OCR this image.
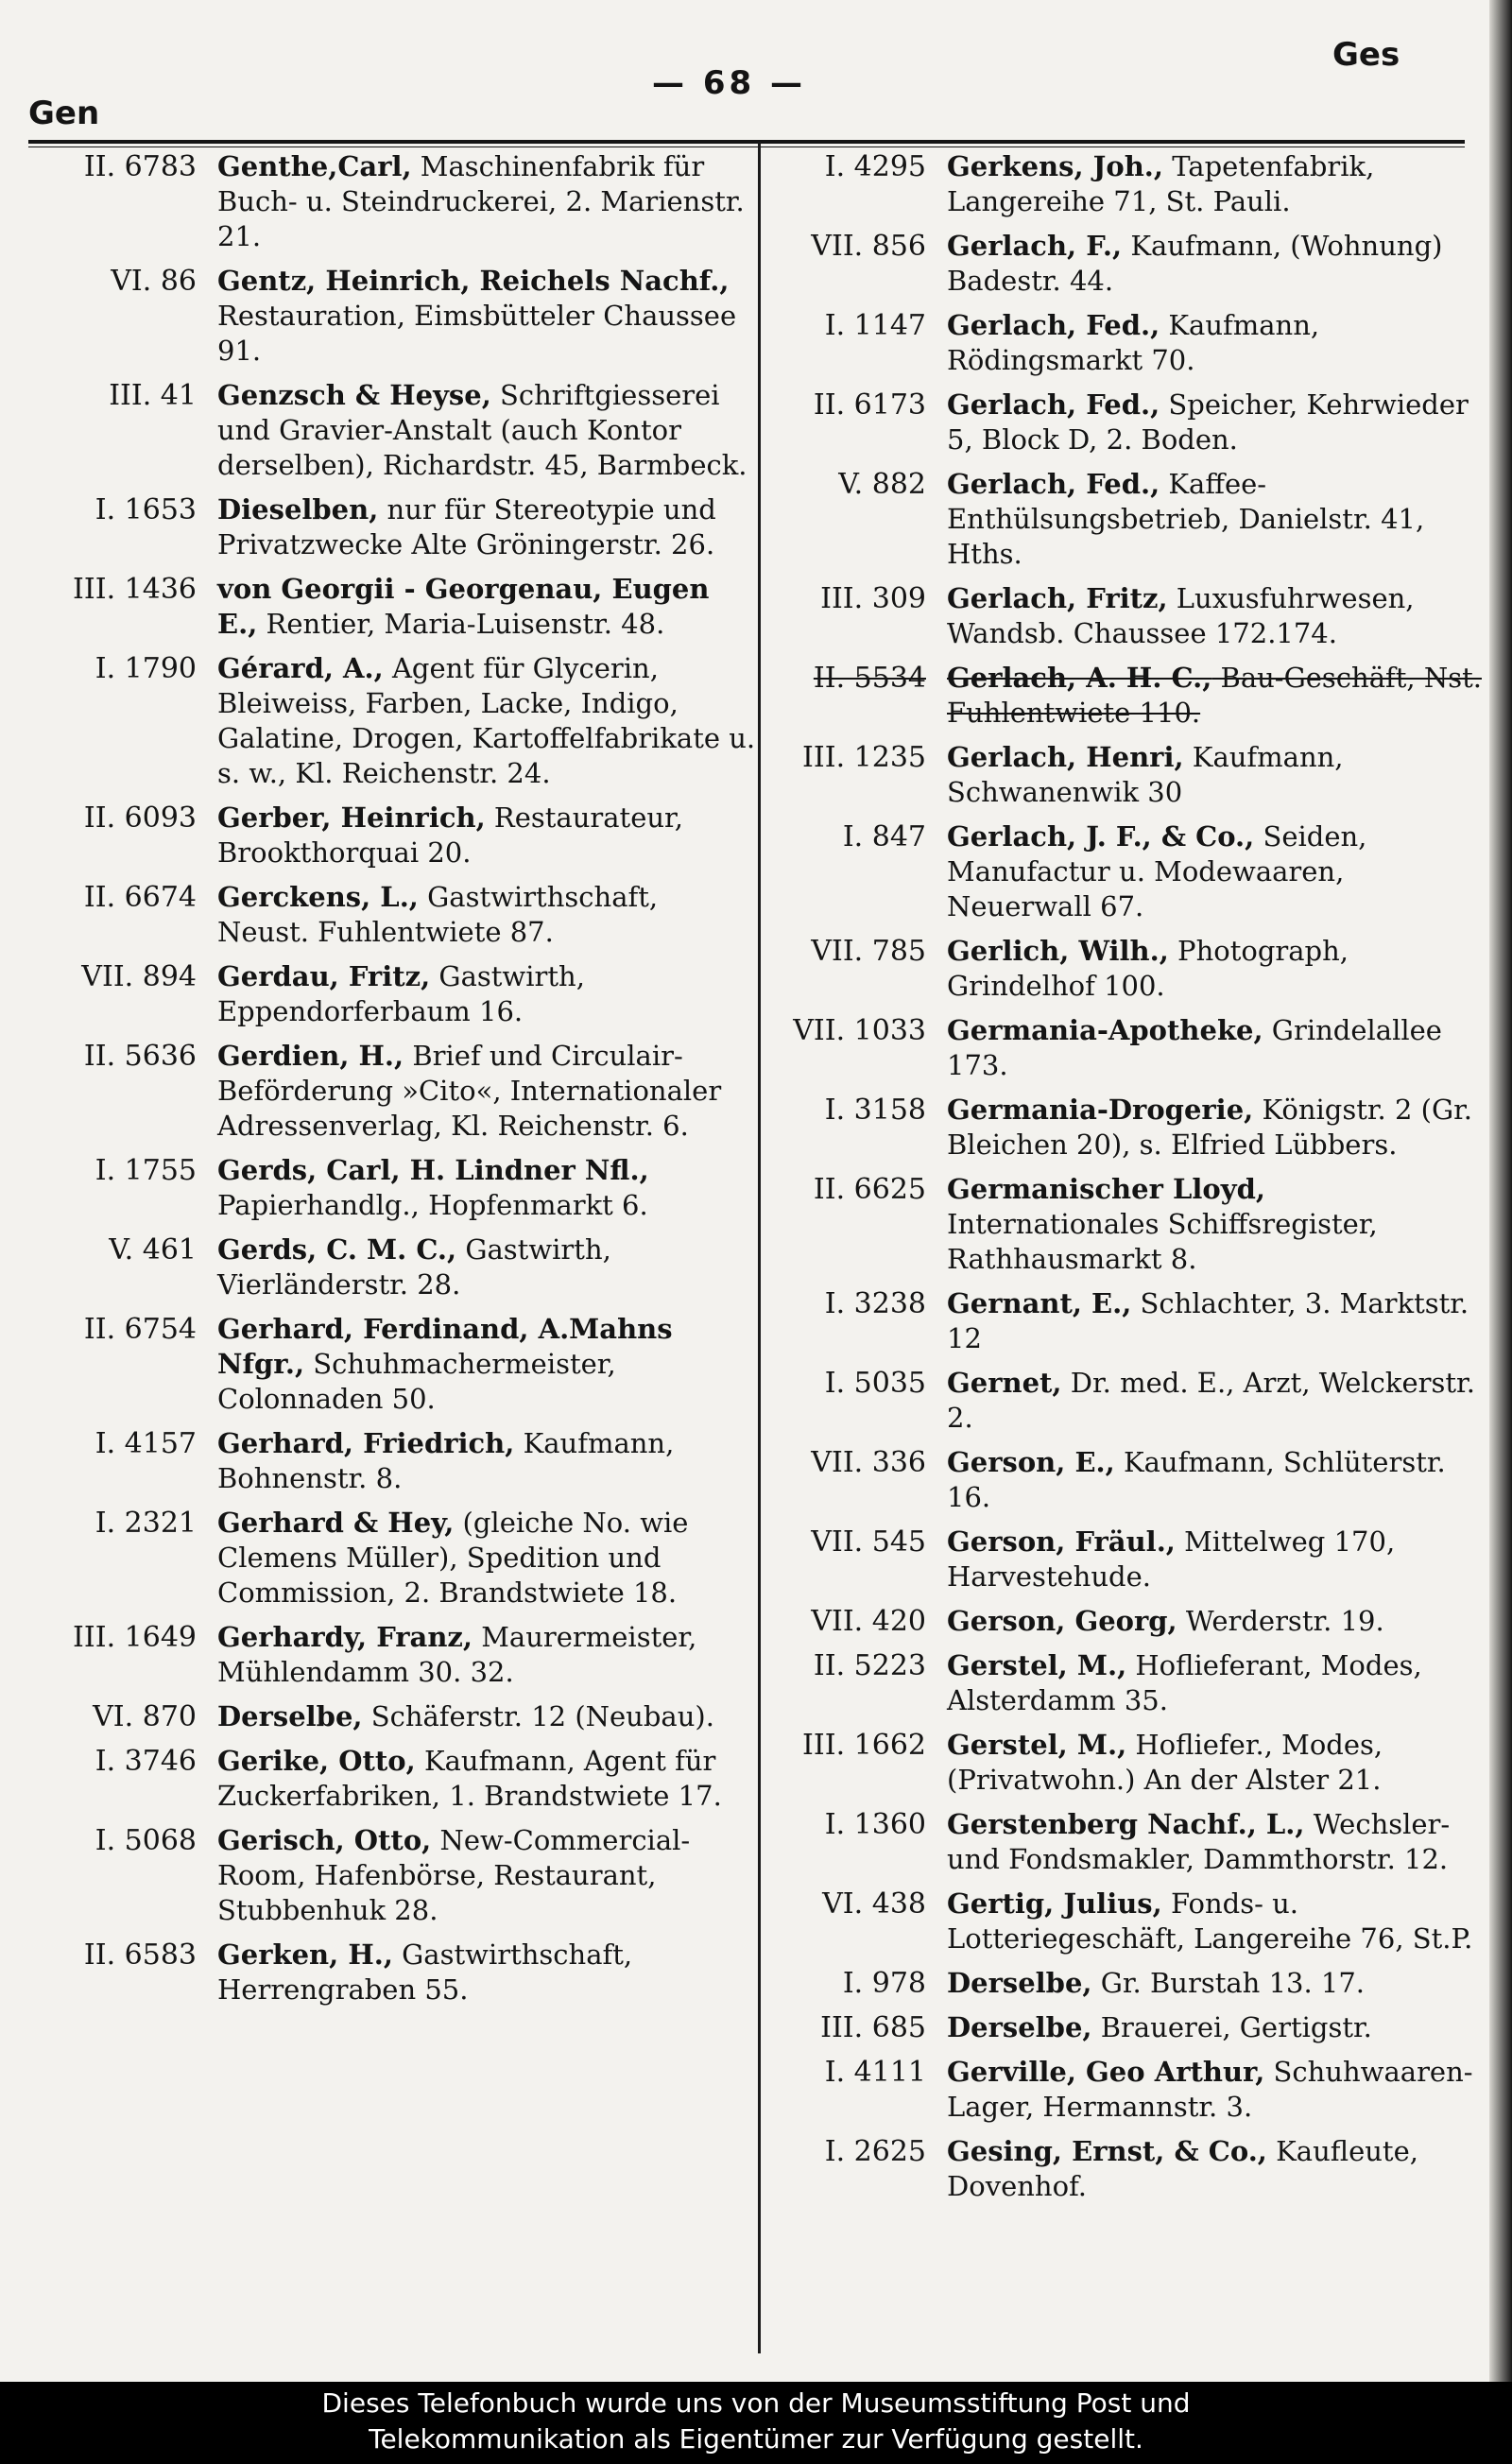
Gen
— 68 —
Ges
II. 6783 Genthe,Carl, Maschinenfabrik für Buch- u. Steindruckerei, 2. Marienstr. 21.
VI. 86 Gentz, Heinrich, Reichels Nachf., Restauration, Eimsbütteler Chaussee 91.
III. 41 Genzsch & Heyse, Schriftgiesserei und Gravier-Anstalt (auch Kontor derselben), Richardstr. 45, Barmbeck.
I. 1653 Dieselben, nur für Stereotypie und Privatzwecke Alte Gröningerstr. 26.
III. 1436 von Georgii - Georgenau, Eugen E., Rentier, Maria-Luisenstr. 48.
I. 1790 Gérard, A., Agent für Glycerin, Bleiweiss, Farben, Lacke, Indigo, Galatine, Drogen, Kartoffelfabrikate u. s. w., Kl. Reichenstr. 24.
II. 6093 Gerber, Heinrich, Restaurateur, Brookthorquai 20.
II. 6674 Gerckens, L., Gastwirthschaft, Neust. Fuhlentwiete 87.
VII. 894 Gerdau, Fritz, Gastwirth, Eppendorferbaum 16.
II. 5636 Gerdien, H., Brief und Circulair-Beförderung »Cito«, Internationaler Adressenverlag, Kl. Reichenstr. 6.
I. 1755 Gerds, Carl, H. Lindner Nfl., Papierhandlg., Hopfenmarkt 6.
V. 461 Gerds, C. M. C., Gastwirth, Vierländerstr. 28.
II. 6754 Gerhard, Ferdinand, A.Mahns Nfgr., Schuhmachermeister, Colonnaden 50.
I. 4157 Gerhard, Friedrich, Kaufmann, Bohnenstr. 8.
I. 2321 Gerhard & Hey, (gleiche No. wie Clemens Müller), Spedition und Commission, 2. Brandstwiete 18.
III. 1649 Gerhardy, Franz, Maurermeister, Mühlendamm 30. 32.
VI. 870 Derselbe, Schäferstr. 12 (Neubau).
I. 3746 Gerike, Otto, Kaufmann, Agent für Zuckerfabriken, 1. Brandstwiete 17.
I. 5068 Gerisch, Otto, New-Commercial-Room, Hafenbörse, Restaurant, Stubbenhuk 28.
II. 6583 Gerken, H., Gastwirthschaft, Herrengraben 55.
I. 4295 Gerkens, Joh., Tapetenfabrik, Langereihe 71, St. Pauli.
VII. 856 Gerlach, F., Kaufmann, (Wohnung) Badestr. 44.
I. 1147 Gerlach, Fed., Kaufmann, Rödingsmarkt 70.
II. 6173 Gerlach, Fed., Speicher, Kehrwieder 5, Block D, 2. Boden.
V. 882 Gerlach, Fed., Kaffee-Enthülsungsbetrieb, Danielstr. 41, Hths.
III. 309 Gerlach, Fritz, Luxusfuhrwesen, Wandsb. Chaussee 172.174.
II. 5534 Gerlach, A. H. C., Bau-Geschäft, Nst. Fuhlentwiete 110.
III. 1235 Gerlach, Henri, Kaufmann, Schwanenwik 30
I. 847 Gerlach, J. F., & Co., Seiden, Manufactur u. Modewaaren, Neuerwall 67.
VII. 785 Gerlich, Wilh., Photograph, Grindelhof 100.
VII. 1033 Germania-Apotheke, Grindelallee 173.
I. 3158 Germania-Drogerie, Königstr. 2 (Gr. Bleichen 20), s. Elfried Lübbers.
II. 6625 Germanischer Lloyd, Internationales Schiffsregister, Rathhausmarkt 8.
I. 3238 Gernant, E., Schlachter, 3. Marktstr. 12
I. 5035 Gernet, Dr. med. E., Arzt, Welckerstr. 2.
VII. 336 Gerson, E., Kaufmann, Schlüterstr. 16.
VII. 545 Gerson, Fräul., Mittelweg 170, Harvestehude.
VII. 420 Gerson, Georg, Werderstr. 19.
II. 5223 Gerstel, M., Hoflieferant, Modes, Alsterdamm 35.
III. 1662 Gerstel, M., Hofliefer., Modes, (Privatwohn.) An der Alster 21.
I. 1360 Gerstenberg Nachf., L., Wechsler- und Fondsmakler, Dammthorstr. 12.
VI. 438 Gertig, Julius, Fonds- u. Lotteriegeschäft, Langereihe 76, St.P.
I. 978 Derselbe, Gr. Burstah 13. 17.
III. 685 Derselbe, Brauerei, Gertigstr.
I. 4111 Gerville, Geo Arthur, Schuhwaaren-Lager, Hermannstr. 3.
I. 2625 Gesing, Ernst, & Co., Kaufleute, Dovenhof.
Dieses Telefonbuch wurde uns von der Museumsstiftung Post und
Telekommunikation als Eigentümer zur Verfügung gestellt.
